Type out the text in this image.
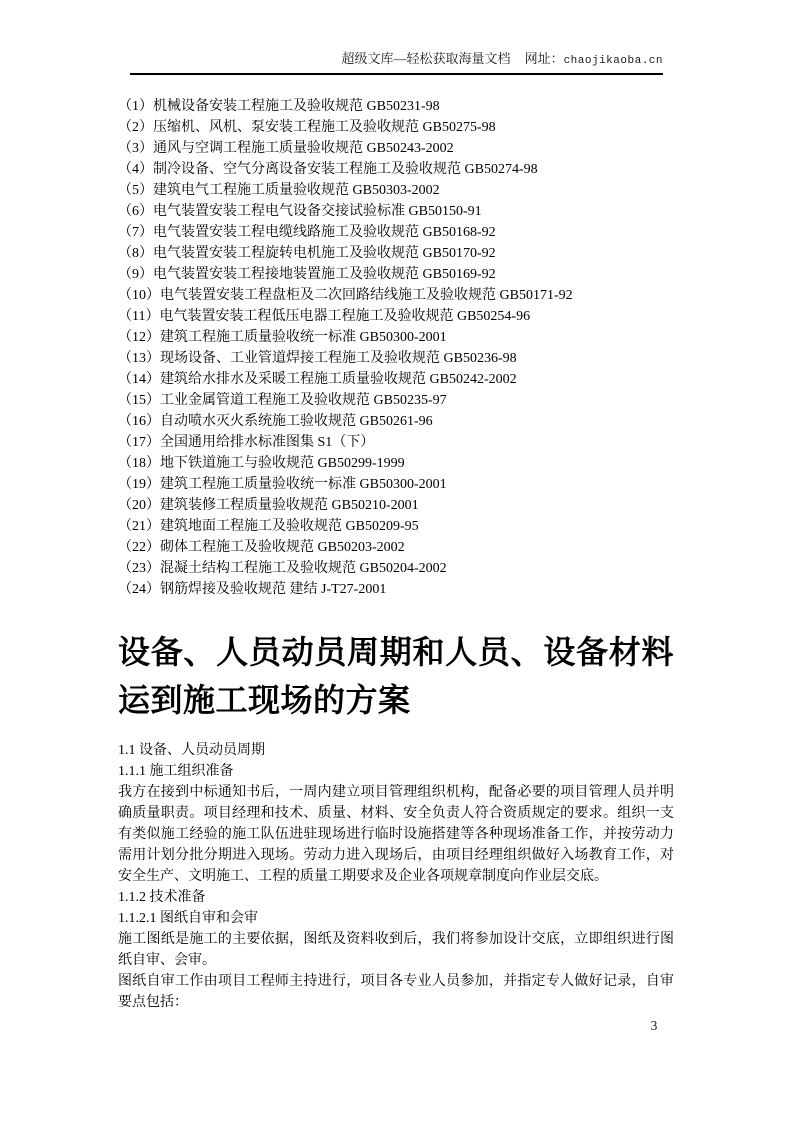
超级文库—轻松获取海量文档 网址：chaojikaoba.cn
（1）机械设备安装工程施工及验收规范 GB50231-98
（2）压缩机、风机、泵安装工程施工及验收规范 GB50275-98
（3）通风与空调工程施工质量验收规范 GB50243-2002
（4）制冷设备、空气分离设备安装工程施工及验收规范 GB50274-98
（5）建筑电气工程施工质量验收规范 GB50303-2002
（6）电气装置安装工程电气设备交接试验标准 GB50150-91
（7）电气装置安装工程电缆线路施工及验收规范 GB50168-92
（8）电气装置安装工程旋转电机施工及验收规范 GB50170-92
（9）电气装置安装工程接地装置施工及验收规范 GB50169-92
（10）电气装置安装工程盘柜及二次回路结线施工及验收规范 GB50171-92
（11）电气装置安装工程低压电器工程施工及验收规范 GB50254-96
（12）建筑工程施工质量验收统一标准 GB50300-2001
（13）现场设备、工业管道焊接工程施工及验收规范 GB50236-98
（14）建筑给水排水及采暖工程施工质量验收规范 GB50242-2002
（15）工业金属管道工程施工及验收规范 GB50235-97
（16）自动喷水灭火系统施工验收规范 GB50261-96
（17）全国通用给排水标准图集 S1（下）
（18）地下铁道施工与验收规范 GB50299-1999
（19）建筑工程施工质量验收统一标准 GB50300-2001
（20）建筑装修工程质量验收规范 GB50210-2001
（21）建筑地面工程施工及验收规范 GB50209-95
（22）砌体工程施工及验收规范 GB50203-2002
（23）混凝土结构工程施工及验收规范 GB50204-2002
（24）钢筋焊接及验收规范 建结 J-T27-2001
设备、人员动员周期和人员、设备材料运到施工现场的方案
1.1 设备、人员动员周期
1.1.1 施工组织准备

我方在接到中标通知书后，一周内建立项目管理组织机构，配备必要的项目管理人员并明确质量职责。项目经理和技术、质量、材料、安全负责人符合资质规定的要求。组织一支有类似施工经验的施工队伍进驻现场进行临时设施搭建等各种现场准备工作，并按劳动力需用计划分批分期进入现场。劳动力进入现场后，由项目经理组织做好入场教育工作，对安全生产、文明施工、工程的质量工期要求及企业各项规章制度向作业层交底。

1.1.2 技术准备
1.1.2.1 图纸自审和会审

施工图纸是施工的主要依据，图纸及资料收到后，我们将参加设计交底，立即组织进行图纸自审、会审。

图纸自审工作由项目工程师主持进行，项目各专业人员参加，并指定专人做好记录，自审要点包括：

3
